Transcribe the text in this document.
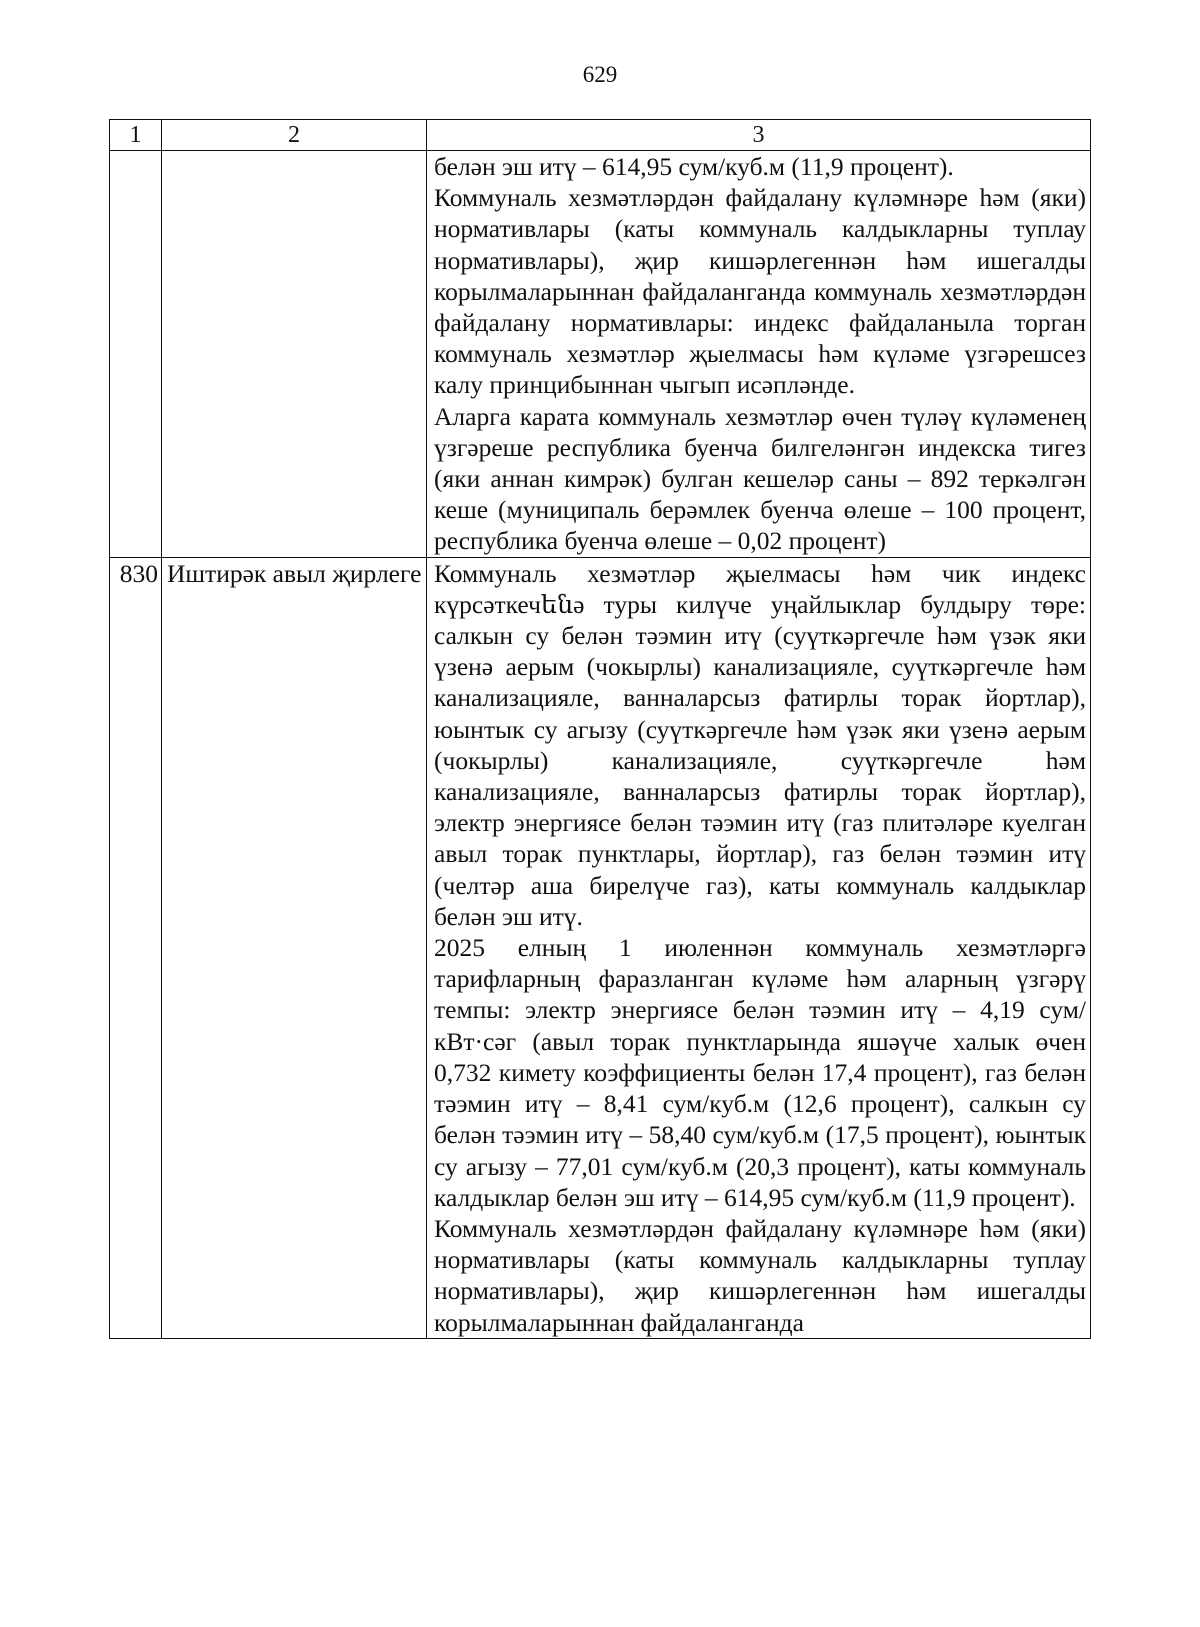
629
1	2	3

		белән эш итү – 614,95 сум/куб.м (11,9 процент).

Коммуналь хезмәтләрдән файдалану күләмнәре һәм (яки) нормативлары (каты коммуналь калдыкларны туплау нормативлары), җир кишәрлегеннән һәм ишегалды корылмаларыннан файдаланганда коммуналь хезмәтләрдән файдалану нормативлары: индекс файдаланыла торган коммуналь хезмәтләр җыелмасы һәм күләме үзгәрешсез калу принцибыннан чыгып исәпләнде.

Аларга карата коммуналь хезмәтләр өчен түләү күләменең үзгәреше республика буенча билгеләнгән индекска тигез (яки аннан кимрәк) булган кешеләр саны – 892 теркәлгән кеше (муниципаль берәмлек буенча өлеше – 100 процент, республика буенча өлеше – 0,02 процент)

830	Иштирәк авыл җирлеге	Коммуналь хезмәтләр җыелмасы һәм чик индекс күрсәткечենә туры килүче уңайлыклар булдыру төре: салкын су белән тәэмин итү (суүткәргечле һәм үзәк яки үзенә аерым (чокырлы) канализацияле, суүткәргечле һәм канализацияле, ванналарсыз фатирлы торак йортлар), юынтык су агызу (суүткәргечле һәм үзәк яки үзенә аерым (чокырлы) канализацияле, суүткәргечле һәм канализацияле, ванналарсыз фатирлы торак йортлар), электр энергиясе белән тәэмин итү (газ плитәләре куелган авыл торак пунктлары, йортлар), газ белән тәэмин итү (челтәр аша бирелүче газ), каты коммуналь калдыклар белән эш итү.

2025 елның 1 июленнән коммуналь хезмәтләргә тарифларның фаразланган күләме һәм аларның үзгәрү темпы: электр энергиясе белән тәэмин итү – 4,19 сум/кВт·сәг (авыл торак пунктларында яшәүче халык өчен 0,732 кимету коэффициенты белән 17,4 процент), газ белән тәэмин итү – 8,41 сум/куб.м (12,6 процент), салкын су белән тәэмин итү – 58,40 сум/куб.м (17,5 процент), юынтык су агызу – 77,01 сум/куб.м (20,3 процент), каты коммуналь калдыклар белән эш итү – 614,95 сум/куб.м (11,9 процент).

Коммуналь хезмәтләрдән файдалану күләмнәре һәм (яки) нормативлары (каты коммуналь калдыкларны туплау нормативлары), җир кишәрлегеннән һәм ишегалды корылмаларыннан файдаланганда
